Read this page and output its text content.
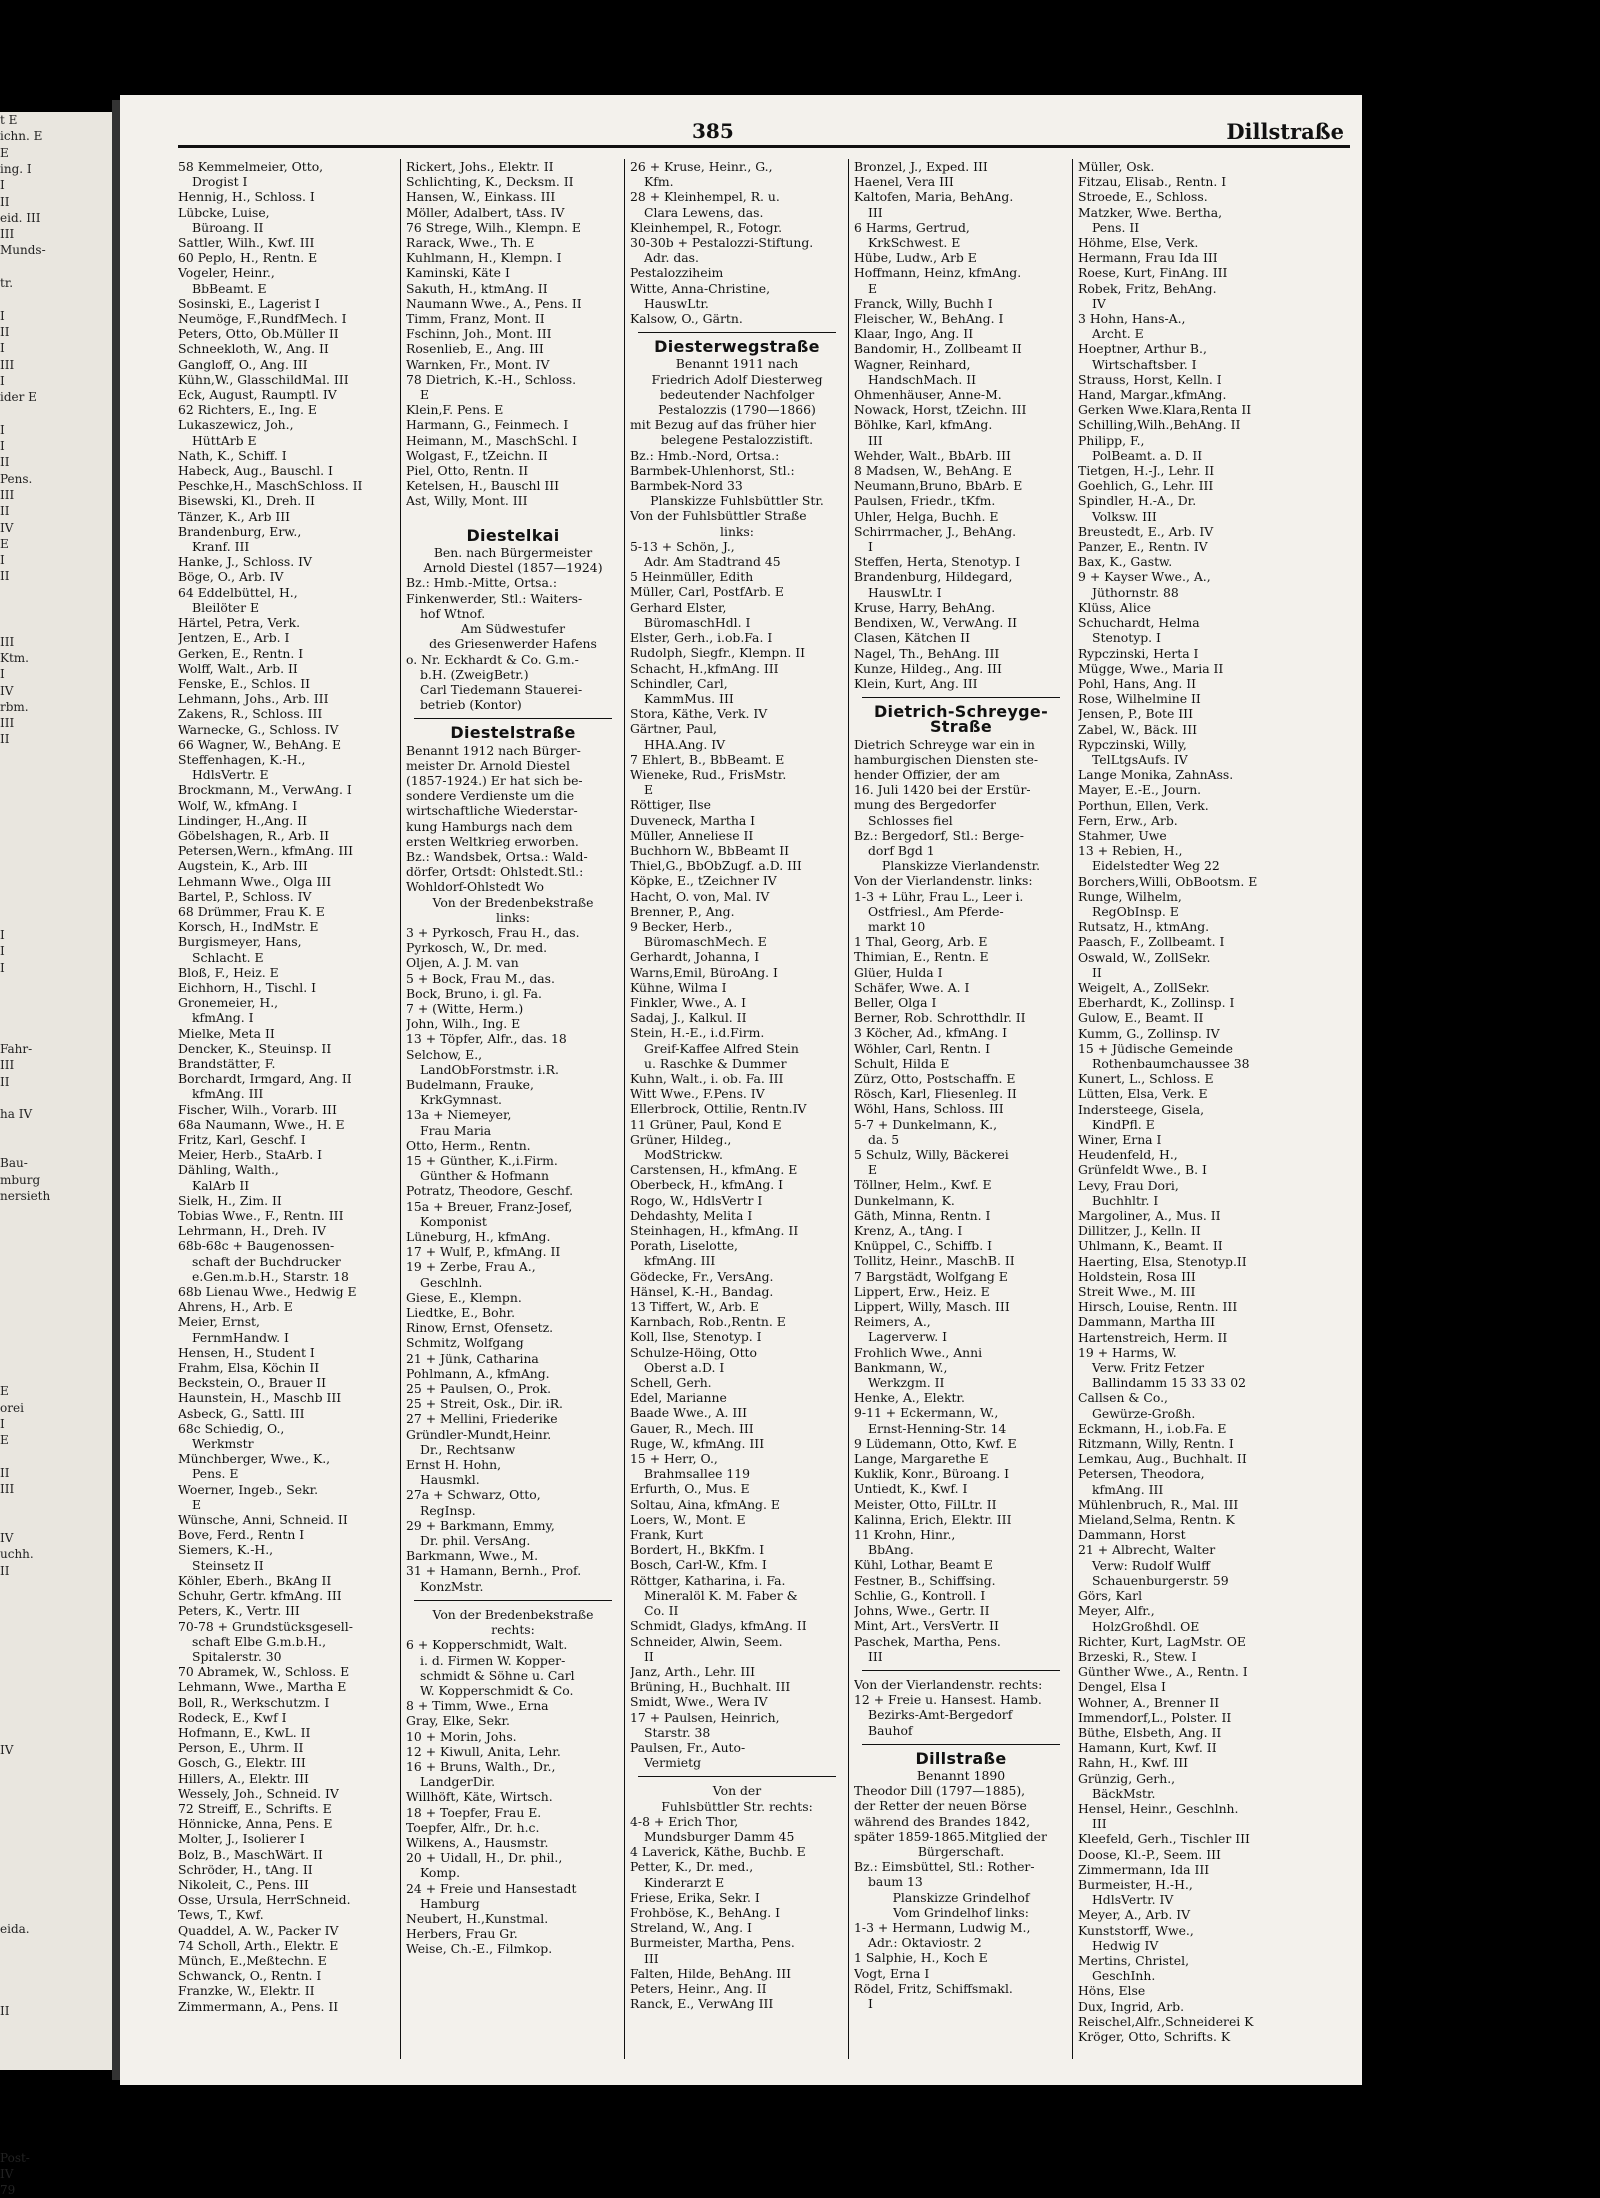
t E
ichn. E
E
ing. I
I
II
eid. III
III
Munds-
tr.
I
II
I
III
I
ider E
I
I
II
Pens.
III
II
IV
E
I
II
III
Ktm.
I
IV
rbm.
III
II
I
I
I
Fahr-
III
II
ha IV
Bau-
mburg
nersieth
E
orei
I
E
II
III
IV
uchh.
II
IV
eida.
II
Post-
IV
79
385	Dillstraße
58 Kemmelmeier, Otto,
Drogist I
Hennig, H., Schloss. I
Lübcke, Luise,
Büroang. II
Sattler, Wilh., Kwf. III
60 Peplo, H., Rentn. E
Vogeler, Heinr.,
BbBeamt. E
Sosinski, E., Lagerist I
Neumöge, F.,RundfMech. I
Peters, Otto, Ob.Müller II
Schneekloth, W., Ang. II
Gangloff, O., Ang. III
Kühn,W., GlasschildMal. III
Eck, August, Raumptl. IV
62 Richters, E., Ing. E
Lukaszewicz, Joh.,
HüttArb E
Nath, K., Schiff. I
Habeck, Aug., Bauschl. I
Peschke,H., MaschSchloss. II
Bisewski, Kl., Dreh. II
Tänzer, K., Arb III
Brandenburg, Erw.,
Kranf. III
Hanke, J., Schloss. IV
Böge, O., Arb. IV
64 Eddelbüttel, H.,
Bleilöter E
Härtel, Petra, Verk.
Jentzen, E., Arb. I
Gerken, E., Rentn. I
Wolff, Walt., Arb. II
Fenske, E., Schlos. II
Lehmann, Johs., Arb. III
Zakens, R., Schloss. III
Warnecke, G., Schloss. IV
66 Wagner, W., BehAng. E
Steffenhagen, K.-H.,
HdlsVertr. E
Brockmann, M., VerwAng. I
Wolf, W., kfmAng. I
Lindinger, H.,Ang. II
Göbelshagen, R., Arb. II
Petersen,Wern., kfmAng. III
Augstein, K., Arb. III
Lehmann Wwe., Olga III
Bartel, P., Schloss. IV
68 Drümmer, Frau K. E
Korsch, H., IndMstr. E
Burgismeyer, Hans,
Schlacht. E
Bloß, F., Heiz. E
Eichhorn, H., Tischl. I
Gronemeier, H.,
kfmAng. I
Mielke, Meta II
Dencker, K., Steuinsp. II
Brandstätter, F.
Borchardt, Irmgard, Ang. II
kfmAng. III
Fischer, Wilh., Vorarb. III
68a Naumann, Wwe., H. E
Fritz, Karl, Geschf. I
Meier, Herb., StaArb. I
Dähling, Walth.,
KalArb II
Sielk, H., Zim. II
Tobias Wwe., F., Rentn. III
Lehrmann, H., Dreh. IV
68b-68c + Baugenossen-
schaft der Buchdrucker
e.Gen.m.b.H., Starstr. 18
68b Lienau Wwe., Hedwig E
Ahrens, H., Arb. E
Meier, Ernst,
FernmHandw. I
Hensen, H., Student I
Frahm, Elsa, Köchin II
Beckstein, O., Brauer II
Haunstein, H., Maschb III
Asbeck, G., Sattl. III
68c Schiedig, O.,
Werkmstr
Münchberger, Wwe., K.,
Pens. E
Woerner, Ingeb., Sekr.
E
Wünsche, Anni, Schneid. II
Bove, Ferd., Rentn I
Siemers, K.-H.,
Steinsetz II
Köhler, Eberh., BkAng II
Schuhr, Gertr. kfmAng. III
Peters, K., Vertr. III
70-78 + Grundstücksgesell-
schaft Elbe G.m.b.H.,
Spitalerstr. 30
70 Abramek, W., Schloss. E
Lehmann, Wwe., Martha E
Boll, R., Werkschutzm. I
Rodeck, E., Kwf I
Hofmann, E., KwL. II
Person, E., Uhrm. II
Gosch, G., Elektr. III
Hillers, A., Elektr. III
Wessely, Joh., Schneid. IV
72 Streiff, E., Schrifts. E
Hönnicke, Anna, Pens. E
Molter, J., Isolierer I
Bolz, B., MaschWärt. II
Schröder, H., tAng. II
Nikoleit, C., Pens. III
Osse, Ursula, HerrSchneid.
Tews, T., Kwf.
Quaddel, A. W., Packer IV
74 Scholl, Arth., Elektr. E
Münch, E.,Meßtechn. E
Schwanck, O., Rentn. I
Franzke, W., Elektr. II
Zimmermann, A., Pens. II
Rickert, Johs., Elektr. II
Schlichting, K., Decksm. II
Hansen, W., Einkass. III
Möller, Adalbert, tAss. IV
76 Strege, Wilh., Klempn. E
Rarack, Wwe., Th. E
Kuhlmann, H., Klempn. I
Kaminski, Käte I
Sakuth, H., ktmAng. II
Naumann Wwe., A., Pens. II
Timm, Franz, Mont. II
Fschinn, Joh., Mont. III
Rosenlieb, E., Ang. III
Warnken, Fr., Mont. IV
78 Dietrich, K.-H., Schloss.
E
Klein,F. Pens. E
Harmann, G., Feinmech. I
Heimann, M., MaschSchl. I
Wolgast, F., tZeichn. II
Piel, Otto, Rentn. II
Ketelsen, H., Bauschl III
Ast, Willy, Mont. III

Diestelkai
Ben. nach Bürgermeister
Arnold Diestel (1857—1924)
Bz.: Hmb.-Mitte, Ortsa.:
Finkenwerder, Stl.: Waiters-
hof Wtnof.
Am Südwestufer
des Griesenwerder Hafens
o. Nr. Eckhardt & Co. G.m.-
b.H. (ZweigBetr.)
Carl Tiedemann Stauerei-
betrieb (Kontor)
Diestelstraße
Benannt 1912 nach Bürger-
meister Dr. Arnold Diestel
(1857-1924.) Er hat sich be-
sondere Verdienste um die
wirtschaftliche Wiederstar-
kung Hamburgs nach dem
ersten Weltkrieg erworben.
Bz.: Wandsbek, Ortsa.: Wald-
dörfer, Ortsdt: Ohlstedt.Stl.:
Wohldorf-Ohlstedt Wo
Von der Bredenbekstraße
links:
3 + Pyrkosch, Frau H., das.
Pyrkosch, W., Dr. med.
Oljen, A. J. M. van
5 + Bock, Frau M., das.
Bock, Bruno, i. gl. Fa.
7 + (Witte, Herm.)
John, Wilh., Ing. E
13 + Töpfer, Alfr., das. 18
Selchow, E.,
LandObForstmstr. i.R.
Budelmann, Frauke,
KrkGymnast.
13a + Niemeyer,
Frau Maria
Otto, Herm., Rentn.
15 + Günther, K.,i.Firm.
Günther & Hofmann
Potratz, Theodore, Geschf.
15a + Breuer, Franz-Josef,
Komponist
Lüneburg, H., kfmAng.
17 + Wulf, P., kfmAng. II
19 + Zerbe, Frau A.,
Geschlnh.
Giese, E., Klempn.
Liedtke, E., Bohr.
Rinow, Ernst, Ofensetz.
Schmitz, Wolfgang
21 + Jünk, Catharina
Pohlmann, A., kfmAng.
25 + Paulsen, O., Prok.
25 + Streit, Osk., Dir. iR.
27 + Mellini, Friederike
Gründler-Mundt,Heinr.
Dr., Rechtsanw
Ernst H. Hohn,
Hausmkl.
27a + Schwarz, Otto,
RegInsp.
29 + Barkmann, Emmy,
Dr. phil. VersAng.
Barkmann, Wwe., M.
31 + Hamann, Bernh., Prof.
KonzMstr.
Von der Bredenbekstraße
rechts:
6 + Kopperschmidt, Walt.
i. d. Firmen W. Kopper-
schmidt & Söhne u. Carl
W. Kopperschmidt & Co.
8 + Timm, Wwe., Erna
Gray, Elke, Sekr.
10 + Morin, Johs.
12 + Kiwull, Anita, Lehr.
16 + Bruns, Walth., Dr.,
LandgerDir.
Willhöft, Käte, Wirtsch.
18 + Toepfer, Frau E.
Toepfer, Alfr., Dr. h.c.
Wilkens, A., Hausmstr.
20 + Uidall, H., Dr. phil.,
Komp.
24 + Freie und Hansestadt
Hamburg
Neubert, H.,Kunstmal.
Herbers, Frau Gr.
Weise, Ch.-E., Filmkop.
26 + Kruse, Heinr., G.,
Kfm.
28 + Kleinhempel, R. u.
Clara Lewens, das.
Kleinhempel, R., Fotogr.
30-30b + Pestalozzi-Stiftung.
Adr. das.
Pestalozziheim
Witte, Anna-Christine,
HauswLtr.
Kalsow, O., Gärtn.
Diesterwegstraße
Benannt 1911 nach
Friedrich Adolf Diesterweg
bedeutender Nachfolger
Pestalozzis (1790—1866)
mit Bezug auf das früher hier
belegene Pestalozzistift.
Bz.: Hmb.-Nord, Ortsa.:
Barmbek-Uhlenhorst, Stl.:
Barmbek-Nord 33
Planskizze Fuhlsbüttler Str.
Von der Fuhlsbüttler Straße
links:
5-13 + Schön, J.,
Adr. Am Stadtrand 45
5 Heinmüller, Edith
Müller, Carl, PostfArb. E
Gerhard Elster,
BüromaschHdl. I
Elster, Gerh., i.ob.Fa. I
Rudolph, Siegfr., Klempn. II
Schacht, H.,kfmAng. III
Schindler, Carl,
KammMus. III
Stora, Käthe, Verk. IV
Gärtner, Paul,
HHA.Ang. IV
7 Ehlert, B., BbBeamt. E
Wieneke, Rud., FrisMstr.
E
Röttiger, Ilse
Duveneck, Martha I
Müller, Anneliese II
Buchhorn W., BbBeamt II
Thiel,G., BbObZugf. a.D. III
Köpke, E., tZeichner IV
Hacht, O. von, Mal. IV
Brenner, P., Ang.
9 Becker, Herb.,
BüromaschMech. E
Gerhardt, Johanna, I
Warns,Emil, BüroAng. I
Kühne, Wilma I
Finkler, Wwe., A. I
Sadaj, J., Kalkul. II
Stein, H.-E., i.d.Firm.
Greif-Kaffee Alfred Stein
u. Raschke & Dummer
Kuhn, Walt., i. ob. Fa. III
Witt Wwe., F.Pens. IV
Ellerbrock, Ottilie, Rentn.IV
11 Grüner, Paul, Kond E
Grüner, Hildeg.,
ModStrickw.
Carstensen, H., kfmAng. E
Oberbeck, H., kfmAng. I
Rogo, W., HdlsVertr I
Dehdashty, Melita I
Steinhagen, H., kfmAng. II
Porath, Liselotte,
kfmAng. III
Gödecke, Fr., VersAng.
Hänsel, K.-H., Bandag.
13 Tiffert, W., Arb. E
Karnbach, Rob.,Rentn. E
Koll, Ilse, Stenotyp. I
Schulze-Höing, Otto
Oberst a.D. I
Schell, Gerh.
Edel, Marianne
Baade Wwe., A. III
Gauer, R., Mech. III
Ruge, W., kfmAng. III
15 + Herr, O.,
Brahmsallee 119
Erfurth, O., Mus. E
Soltau, Aina, kfmAng. E
Loers, W., Mont. E
Frank, Kurt
Bordert, H., BkKfm. I
Bosch, Carl-W., Kfm. I
Röttger, Katharina, i. Fa.
Mineralöl K. M. Faber &
Co. II
Schmidt, Gladys, kfmAng. II
Schneider, Alwin, Seem.
II
Janz, Arth., Lehr. III
Brüning, H., Buchhalt. III
Smidt, Wwe., Wera IV
17 + Paulsen, Heinrich,
Starstr. 38
Paulsen, Fr., Auto-
Vermietg
Von der
Fuhlsbüttler Str. rechts:
4-8 + Erich Thor,
Mundsburger Damm 45
4 Laverick, Käthe, Buchb. E
Petter, K., Dr. med.,
Kinderarzt E
Friese, Erika, Sekr. I
Frohböse, K., BehAng. I
Streland, W., Ang. I
Burmeister, Martha, Pens.
III
Falten, Hilde, BehAng. III
Peters, Heinr., Ang. II
Ranck, E., VerwAng III
Bronzel, J., Exped. III
Haenel, Vera III
Kaltofen, Maria, BehAng.
III
6 Harms, Gertrud,
KrkSchwest. E
Hübe, Ludw., Arb E
Hoffmann, Heinz, kfmAng.
E
Franck, Willy, Buchh I
Fleischer, W., BehAng. I
Klaar, Ingo, Ang. II
Bandomir, H., Zollbeamt II
Wagner, Reinhard,
HandschMach. II
Ohmenhäuser, Anne-M.
Nowack, Horst, tZeichn. III
Böhlke, Karl, kfmAng.
III
Wehder, Walt., BbArb. III
8 Madsen, W., BehAng. E
Neumann,Bruno, BbArb. E
Paulsen, Friedr., tKfm.
Uhler, Helga, Buchh. E
Schirrmacher, J., BehAng.
I
Steffen, Herta, Stenotyp. I
Brandenburg, Hildegard,
HauswLtr. I
Kruse, Harry, BehAng.
Bendixen, W., VerwAng. II
Clasen, Kätchen II
Nagel, Th., BehAng. III
Kunze, Hildeg., Ang. III
Klein, Kurt, Ang. III
Dietrich-Schreyge-Straße
Dietrich Schreyge war ein in
hamburgischen Diensten ste-
hender Offizier, der am
16. Juli 1420 bei der Erstür-
mung des Bergedorfer
Schlosses fiel
Bz.: Bergedorf, Stl.: Berge-
dorf Bgd 1
Planskizze Vierlandenstr.
Von der Vierlandenstr. links:
1-3 + Lühr, Frau L., Leer i.
Ostfriesl., Am Pferde-
markt 10
1 Thal, Georg, Arb. E
Thimian, E., Rentn. E
Glüer, Hulda I
Schäfer, Wwe. A. I
Beller, Olga I
Berner, Rob. Schrotthdlr. II
3 Köcher, Ad., kfmAng. I
Wöhler, Carl, Rentn. I
Schult, Hilda E
Zürz, Otto, Postschaffn. E
Rösch, Karl, Fliesenleg. II
Wöhl, Hans, Schloss. III
5-7 + Dunkelmann, K.,
da. 5
5 Schulz, Willy, Bäckerei
E
Töllner, Helm., Kwf. E
Dunkelmann, K.
Gäth, Minna, Rentn. I
Krenz, A., tAng. I
Knüppel, C., Schiffb. I
Tollitz, Heinr., MaschB. II
7 Bargstädt, Wolfgang E
Lippert, Erw., Heiz. E
Lippert, Willy, Masch. III
Reimers, A.,
Lagerverw. I
Frohlich Wwe., Anni
Bankmann, W.,
Werkzgm. II
Henke, A., Elektr.
9-11 + Eckermann, W.,
Ernst-Henning-Str. 14
9 Lüdemann, Otto, Kwf. E
Lange, Margarethe E
Kuklik, Konr., Büroang. I
Untiedt, K., Kwf. I
Meister, Otto, FilLtr. II
Kalinna, Erich, Elektr. III
11 Krohn, Hinr.,
BbAng.
Kühl, Lothar, Beamt E
Festner, B., Schiffsing.
Schlie, G., Kontroll. I
Johns, Wwe., Gertr. II
Mint, Art., VersVertr. II
Paschek, Martha, Pens.
III
Von der Vierlandenstr. rechts:
12 + Freie u. Hansest. Hamb.
Bezirks-Amt-Bergedorf
Bauhof
Dillstraße
Benannt 1890
Theodor Dill (1797—1885),
der Retter der neuen Börse
während des Brandes 1842,
später 1859-1865.Mitglied der
Bürgerschaft.
Bz.: Eimsbüttel, Stl.: Rother-
baum 13
Planskizze Grindelhof
Vom Grindelhof links:
1-3 + Hermann, Ludwig M.,
Adr.: Oktaviostr. 2
1 Salphie, H., Koch E
Vogt, Erna I
Rödel, Fritz, Schiffsmakl.
I
Müller, Osk.
Fitzau, Elisab., Rentn. I
Stroede, E., Schloss.
Matzker, Wwe. Bertha,
Pens. II
Höhme, Else, Verk.
Hermann, Frau Ida III
Roese, Kurt, FinAng. III
Robek, Fritz, BehAng.
IV
3 Hohn, Hans-A.,
Archt. E
Hoeptner, Arthur B.,
Wirtschaftsber. I
Strauss, Horst, Kelln. I
Hand, Margar.,kfmAng.
Gerken Wwe.Klara,Renta II
Schilling,Wilh.,BehAng. II
Philipp, F.,
PolBeamt. a. D. II
Tietgen, H.-J., Lehr. II
Goehlich, G., Lehr. III
Spindler, H.-A., Dr.
Volksw. III
Breustedt, E., Arb. IV
Panzer, E., Rentn. IV
Bax, K., Gastw.
9 + Kayser Wwe., A.,
Jüthornstr. 88
Klüss, Alice
Schuchardt, Helma
Stenotyp. I
Rypczinski, Herta I
Mügge, Wwe., Maria II
Pohl, Hans, Ang. II
Rose, Wilhelmine II
Jensen, P., Bote III
Zabel, W., Bäck. III
Rypczinski, Willy,
TelLtgsAufs. IV
Lange Monika, ZahnAss.
Mayer, E.-E., Journ.
Porthun, Ellen, Verk.
Fern, Erw., Arb.
Stahmer, Uwe
13 + Rebien, H.,
Eidelstedter Weg 22
Borchers,Willi, ObBootsm. E
Runge, Wilhelm,
RegObInsp. E
Rutsatz, H., ktmAng.
Paasch, F., Zollbeamt. I
Oswald, W., ZollSekr.
II
Weigelt, A., ZollSekr.
Eberhardt, K., Zollinsp. I
Gulow, E., Beamt. II
Kumm, G., Zollinsp. IV
15 + Jüdische Gemeinde
Rothenbaumchaussee 38
Kunert, L., Schloss. E
Lütten, Elsa, Verk. E
Indersteege, Gisela,
KindPfl. E
Winer, Erna I
Heudenfeld, H.,
Grünfeldt Wwe., B. I
Levy, Frau Dori,
Buchhltr. I
Margoliner, A., Mus. II
Dillitzer, J., Kelln. II
Uhlmann, K., Beamt. II
Haerting, Elsa, Stenotyp.II
Holdstein, Rosa III
Streit Wwe., M. III
Hirsch, Louise, Rentn. III
Dammann, Martha III
Hartenstreich, Herm. II
19 + Harms, W.
Verw. Fritz Fetzer
Ballindamm 15 33 33 02
Callsen & Co.,
Gewürze-Großh.
Eckmann, H., i.ob.Fa. E
Ritzmann, Willy, Rentn. I
Lemkau, Aug., Buchhalt. II
Petersen, Theodora,
kfmAng. III
Mühlenbruch, R., Mal. III
Mieland,Selma, Rentn. K
Dammann, Horst
21 + Albrecht, Walter
Verw: Rudolf Wulff
Schauenburgerstr. 59
Görs, Karl
Meyer, Alfr.,
HolzGroßhdl. OE
Richter, Kurt, LagMstr. OE
Brzeski, R., Stew. I
Günther Wwe., A., Rentn. I
Dengel, Elsa I
Wohner, A., Brenner II
Immendorf,L., Polster. II
Büthe, Elsbeth, Ang. II
Hamann, Kurt, Kwf. II
Rahn, H., Kwf. III
Grünzig, Gerh.,
BäckMstr.
Hensel, Heinr., Geschlnh.
III
Kleefeld, Gerh., Tischler III
Doose, Kl.-P., Seem. III
Zimmermann, Ida III
Burmeister, H.-H.,
HdlsVertr. IV
Meyer, A., Arb. IV
Kunststorff, Wwe.,
Hedwig IV
Mertins, Christel,
GeschInh.
Höns, Else
Dux, Ingrid, Arb.
Reischel,Alfr.,Schneiderei K
Kröger, Otto, Schrifts. K
